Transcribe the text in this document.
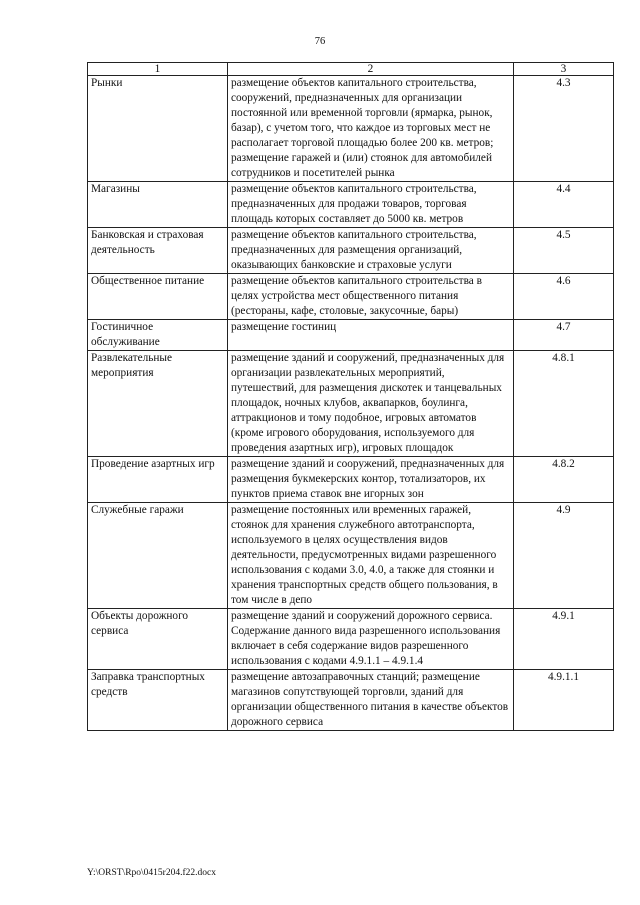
76
1	2	3
Рынки	размещение объектов капитального строительства, сооружений, предназначенных для организации постоянной или временной торговли (ярмарка, рынок, базар), с учетом того, что каждое из торговых мест не располагает торговой площадью более 200 кв. метров; размещение гаражей и (или) стоянок для автомобилей сотрудников и посетителей рынка	4.3
Магазины	размещение объектов капитального строительства, предназначенных для продажи товаров, торговая площадь которых составляет до 5000 кв. метров	4.4
Банковская и страховая деятельность	размещение объектов капитального строительства, предназначенных для размещения организаций, оказывающих банковские и страховые услуги	4.5
Общественное питание	размещение объектов капитального строительства в целях устройства мест общественного питания (рестораны, кафе, столовые, закусочные, бары)	4.6
Гостиничное обслуживание	размещение гостиниц	4.7
Развлекательные мероприятия	размещение зданий и сооружений, предназначенных для организации развлекательных мероприятий, путешествий, для размещения дискотек и танцевальных площадок, ночных клубов, аквапарков, боулинга, аттракционов и тому подобное, игровых автоматов (кроме игрового оборудования, используемого для проведения азартных игр), игровых площадок	4.8.1
Проведение азартных игр	размещение зданий и сооружений, предназначенных для размещения букмекерских контор, тотализаторов, их пунктов приема ставок вне игорных зон	4.8.2
Служебные гаражи	размещение постоянных или временных гаражей, стоянок для хранения служебного автотранспорта, используемого в целях осуществления видов деятельности, предусмотренных видами разрешенного использования с кодами 3.0, 4.0, а также для стоянки и хранения транспортных средств общего пользования, в том числе в депо	4.9
Объекты дорожного сервиса	размещение зданий и сооружений дорожного сервиса. Содержание данного вида разрешенного использования включает в себя содержание видов разрешенного использования с кодами 4.9.1.1 – 4.9.1.4	4.9.1
Заправка транспортных средств	размещение автозаправочных станций; размещение магазинов сопутствующей торговли, зданий для организации общественного питания в качестве объектов дорожного сервиса	4.9.1.1
Y:\ORST\Rpo\0415r204.f22.docx
